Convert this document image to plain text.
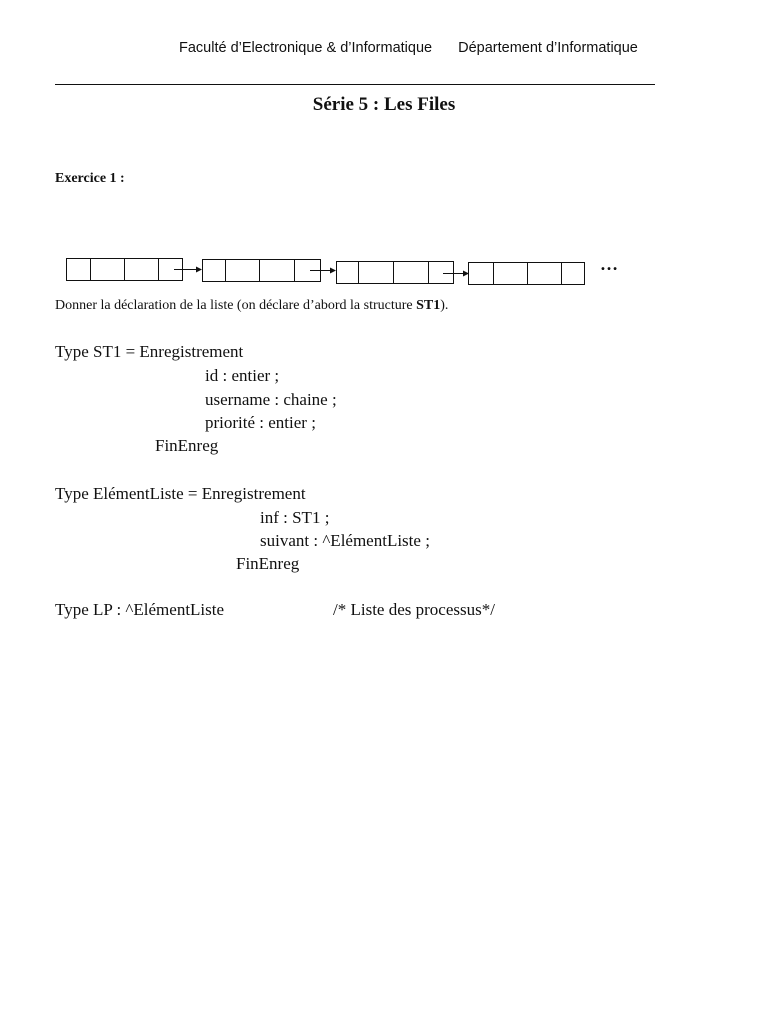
Faculté d’Electronique & d’Informatique Département d’Informatique
Série 5 : Les Files
Exercice 1 :
…
Donner la déclaration de la liste (on déclare d’abord la structure ST1).
Type ST1 = Enregistrement
id : entier ;
username : chaine ;
priorité : entier ;
FinEnreg
Type ElémentListe = Enregistrement
inf : ST1 ;
suivant : ^ElémentListe ;
FinEnreg
Type LP : ^ElémentListe	/* Liste des processus*/
